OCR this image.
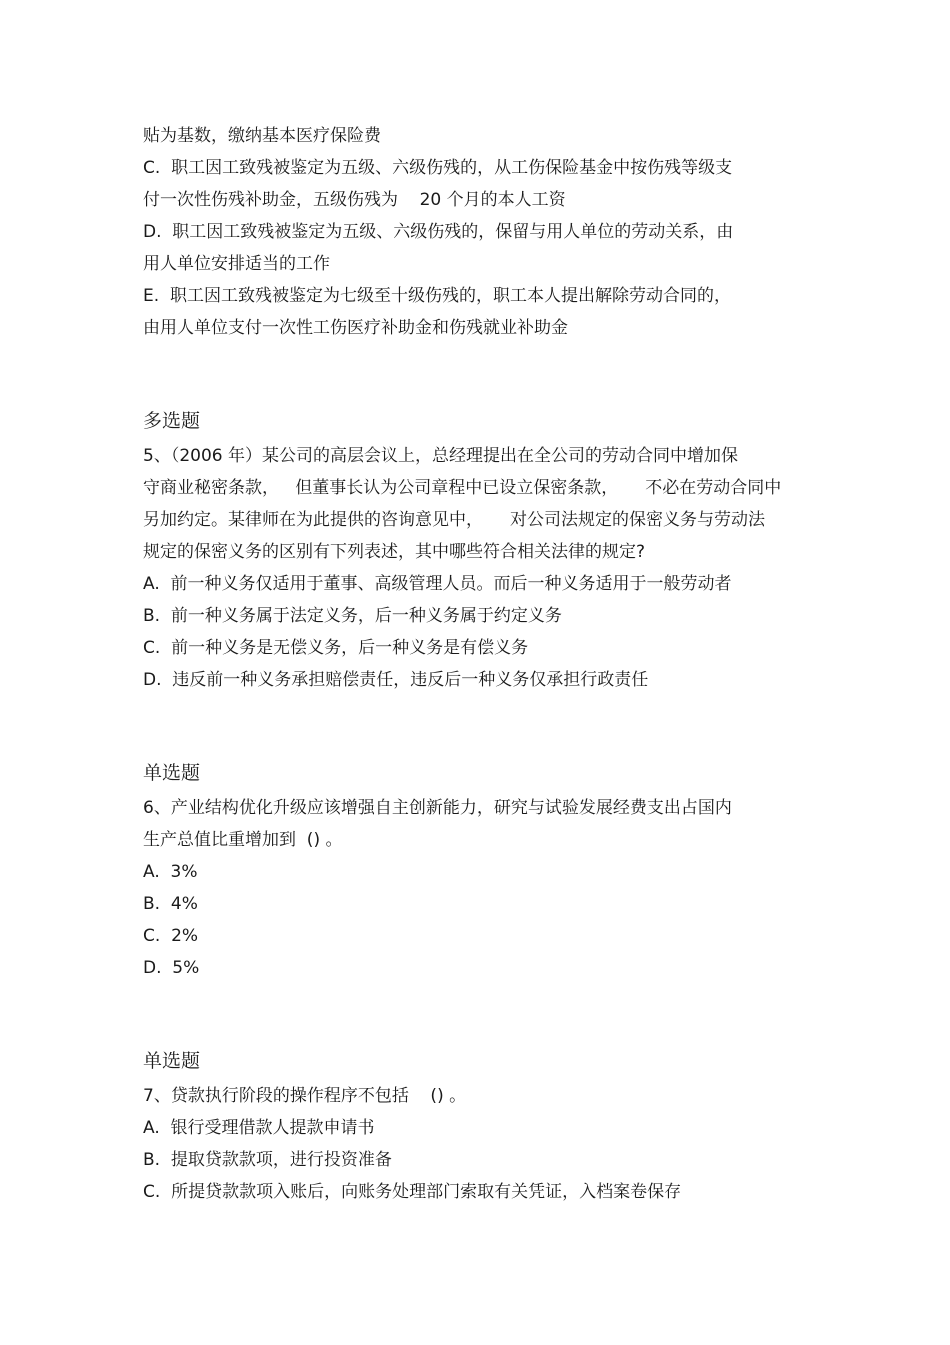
贴为基数，缴纳基本医疗保险费
C.  职工因工致残被鉴定为五级、六级伤残的，从工伤保险基金中按伤残等级支
付一次性伤残补助金，五级伤残为    20 个月的本人工资
D.  职工因工致残被鉴定为五级、六级伤残的，保留与用人单位的劳动关系，由
用人单位安排适当的工作
E.  职工因工致残被鉴定为七级至十级伤残的，职工本人提出解除劳动合同的，
由用人单位支付一次性工伤医疗补助金和伤残就业补助金
多选题
5、（2006 年）某公司的高层会议上，总经理提出在全公司的劳动合同中增加保
守商业秘密条款，   但董事长认为公司章程中已设立保密条款，     不必在劳动合同中
另加约定。某律师在为此提供的咨询意见中，     对公司法规定的保密义务与劳动法
规定的保密义务的区别有下列表述，其中哪些符合相关法律的规定?
A.  前一种义务仅适用于董事、高级管理人员。而后一种义务适用于一般劳动者
B.  前一种义务属于法定义务，后一种义务属于约定义务
C.  前一种义务是无偿义务，后一种义务是有偿义务
D.  违反前一种义务承担赔偿责任，违反后一种义务仅承担行政责任
单选题
6、产业结构优化升级应该增强自主创新能力，研究与试验发展经费支出占国内
生产总值比重增加到  () 。
A.  3%
B.  4%
C.  2%
D.  5%
单选题
7、贷款执行阶段的操作程序不包括    () 。
A.  银行受理借款人提款申请书
B.  提取贷款款项，进行投资准备
C.  所提贷款款项入账后，向账务处理部门索取有关凭证，入档案卷保存
